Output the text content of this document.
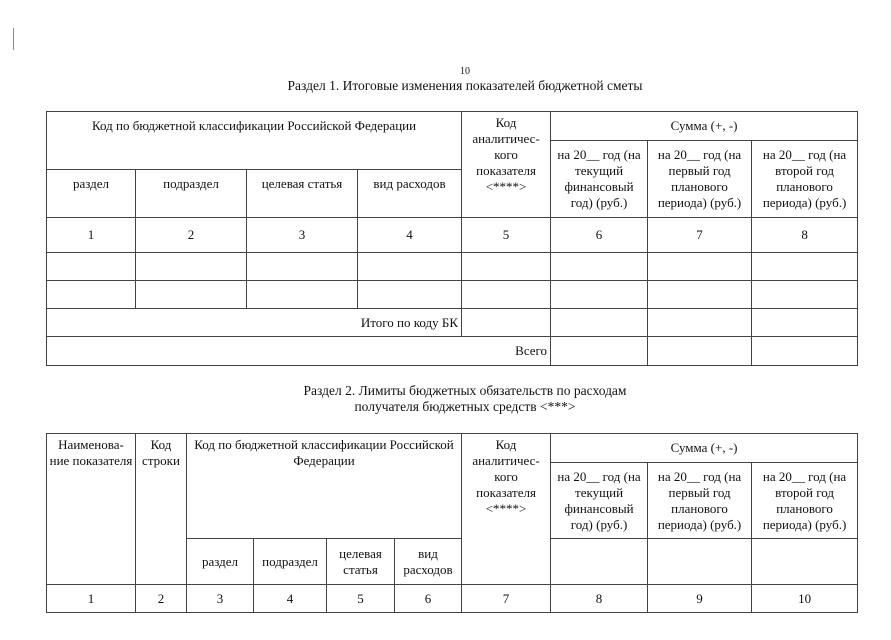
10
Раздел 1. Итоговые изменения показателей бюджетной сметы
Код по бюджетной классификации Российской Федерации				Код аналитичес-кого показателя <****>	Сумма (+, -)		
					на 20__ год (на текущий финансовый год) (руб.)	на 20__ год (на первый год планового периода) (руб.)	на 20__ год (на второй год планового периода) (руб.)
раздел	подраздел	целевая статья	вид расходов				
1	2	3	4	5	6	7	8

Итого по коду БК							
Всего							
Раздел 2. Лимиты бюджетных обязательств по расходам
получателя бюджетных средств <***>
Наименова-ние показателя	Код строки	Код по бюджетной классификации Российской Федерации				Код аналитичес-кого показателя <****>	Сумма (+, -)		
							на 20__ год (на текущий финансовый год) (руб.)	на 20__ год (на первый год планового периода) (руб.)	на 20__ год (на второй год планового периода) (руб.)
		раздел	подраздел	целевая статья	вид расходов				
1	2	3	4	5	6	7	8	9	10
